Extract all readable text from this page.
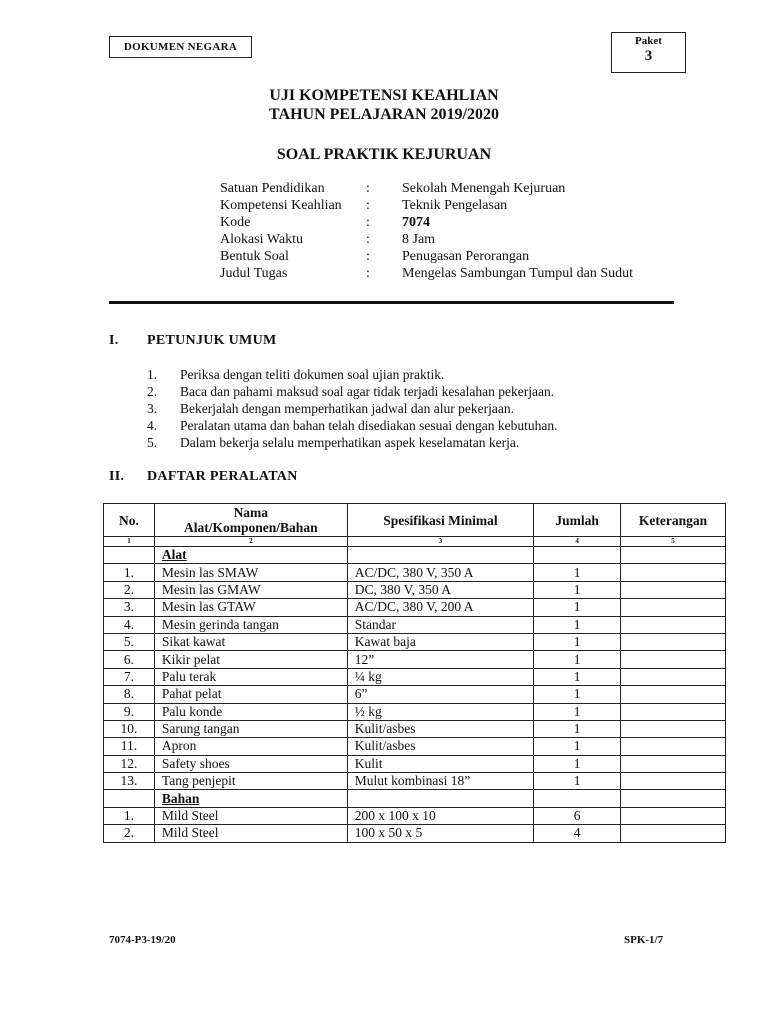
DOKUMEN NEGARA	Paket
3
UJI KOMPETENSI KEAHLIAN
TAHUN PELAJARAN 2019/2020
SOAL PRAKTIK KEJURUAN
Satuan Pendidikan	:	Sekolah Menengah Kejuruan
Kompetensi Keahlian	:	Teknik Pengelasan
Kode	:	7074
Alokasi Waktu	:	8 Jam
Bentuk Soal	:	Penugasan Perorangan
Judul Tugas	:	Mengelas Sambungan Tumpul dan Sudut
I.	PETUNJUK UMUM
1.	Periksa dengan teliti dokumen soal ujian praktik.
2.	Baca dan pahami maksud soal agar tidak terjadi kesalahan pekerjaan.
3.	Bekerjalah dengan memperhatikan jadwal dan alur pekerjaan.
4.	Peralatan utama dan bahan telah disediakan sesuai dengan kebutuhan.
5.	Dalam bekerja selalu memperhatikan aspek keselamatan kerja.
II.	DAFTAR PERALATAN
No.	Nama
Alat/Komponen/Bahan	Spesifikasi Minimal	Jumlah	Keterangan
1	2	3	4	5
	Alat			
1.	Mesin las SMAW	AC/DC, 380 V, 350 A	1	
2.	Mesin las GMAW	DC, 380 V, 350 A	1	
3.	Mesin las GTAW	AC/DC, 380 V, 200 A	1	
4.	Mesin gerinda tangan	Standar	1	
5.	Sikat kawat	Kawat baja	1	
6.	Kikir pelat	12”	1	
7.	Palu terak	¼ kg	1	
8.	Pahat pelat	6”	1	
9.	Palu konde	½ kg	1	
10.	Sarung tangan	Kulit/asbes	1	
11.	Apron	Kulit/asbes	1	
12.	Safety shoes	Kulit	1	
13.	Tang penjepit	Mulut kombinasi 18”	1	
	Bahan			
1.	Mild Steel	200 x 100 x 10	6	
2.	Mild Steel	100 x 50 x 5	4	
7074-P3-19/20	SPK-1/7
